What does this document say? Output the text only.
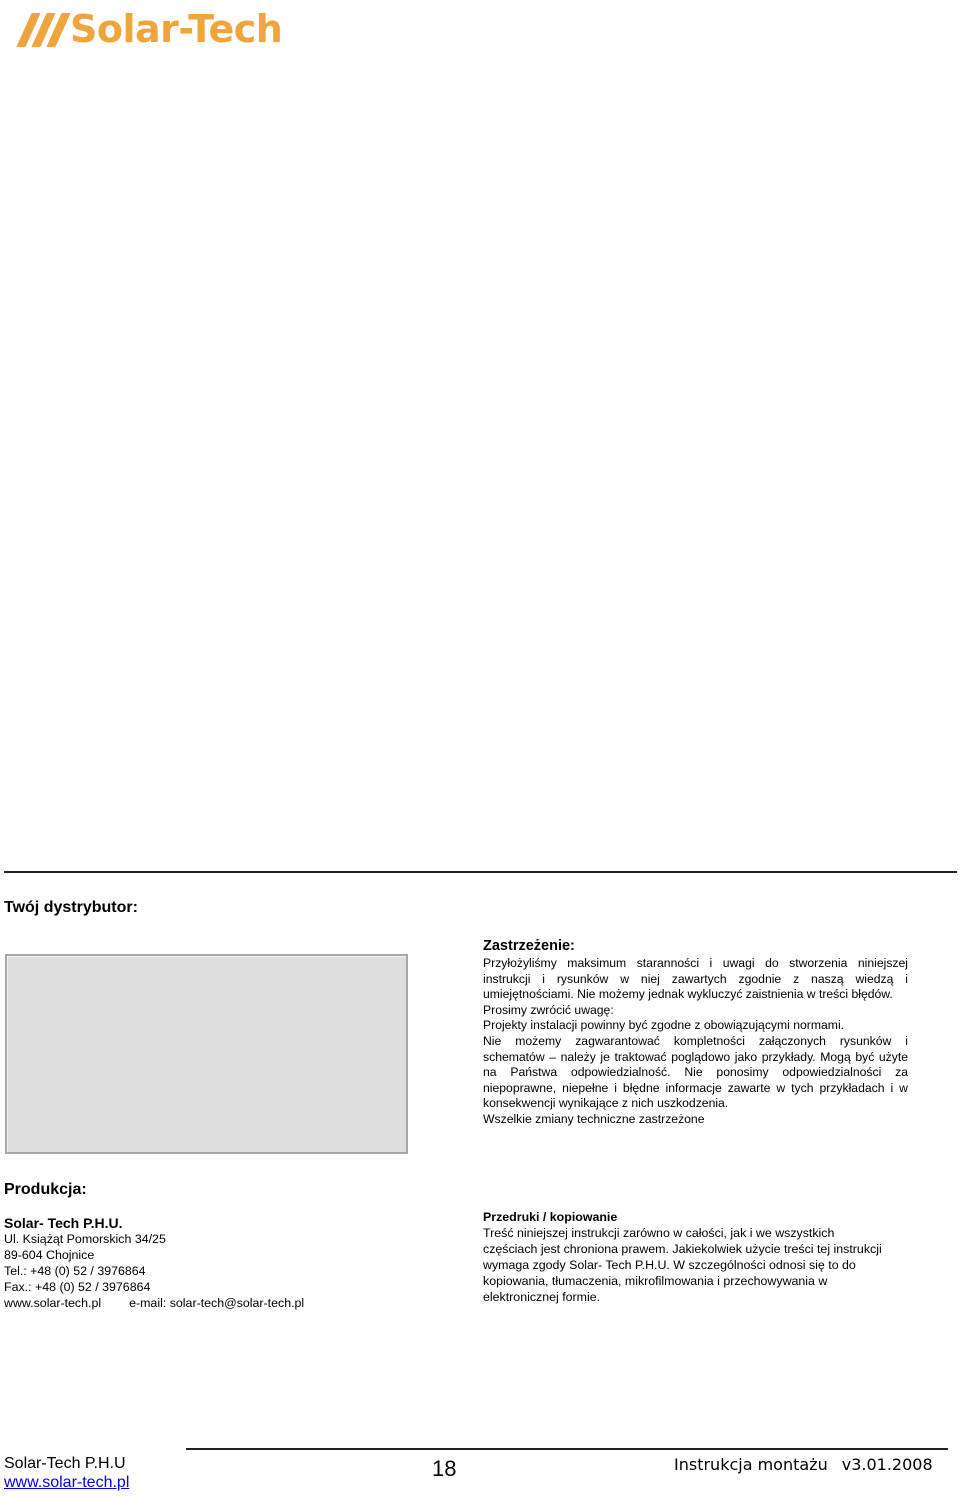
Solar-Tech
Twój dystrybutor:
Zastrzeżenie:

Przyłożyliśmy maksimum staranności i uwagi do stworzenia niniejszej instrukcji i rysunków w niej zawartych zgodnie z naszą wiedzą i umiejętnościami. Nie możemy jednak wykluczyć zaistnienia w treści błędów.

Prosimy zwrócić uwagę:

Projekty instalacji powinny być zgodne z obowiązującymi normami.

Nie możemy zagwarantować kompletności załączonych rysunków i schematów – należy je traktować poglądowo jako przykłady. Mogą być użyte na Państwa odpowiedzialność. Nie ponosimy odpowiedzialności za niepoprawne, niepełne i błędne informacje zawarte w tych przykładach i w konsekwencji wynikające z nich uszkodzenia.

Wszelkie zmiany techniczne zastrzeżone

Produkcja:
Solar- Tech P.H.U.
Ul. Książąt Pomorskich 34/25
89-604 Chojnice
Tel.: +48 (0) 52 / 3976864
Fax.: +48 (0) 52 / 3976864
www.solar-tech.pl e-mail: solar-tech@solar-tech.pl
Przedruki / kopiowanie
Treść niniejszej instrukcji zarówno w całości, jak i we wszystkich częściach jest chroniona prawem. Jakiekolwiek użycie treści tej instrukcji wymaga zgody Solar- Tech P.H.U. W szczególności odnosi się to do kopiowania, tłumaczenia, mikrofilmowania i przechowywania w elektronicznej formie.
Solar-Tech P.H.U
www.solar-tech.pl
18	Instrukcja montażu v3.01.2008
